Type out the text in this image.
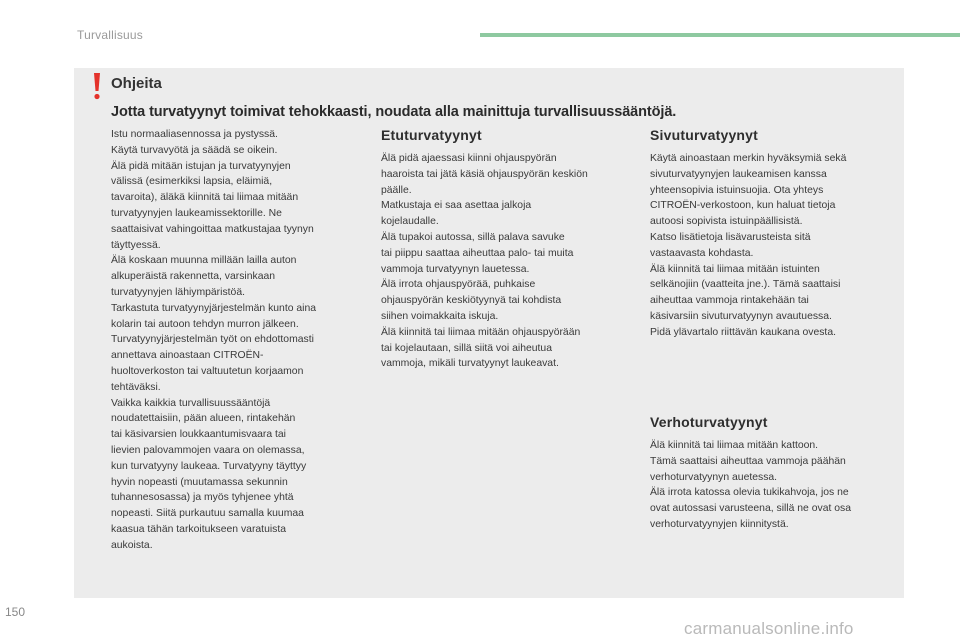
Turvallisuus
Ohjeita
Jotta turvatyynyt toimivat tehokkaasti, noudata alla mainittuja turvallisuussääntöjä.
Istu normaaliasennossa ja pystyssä.
Käytä turvavyötä ja säädä se oikein.
Älä pidä mitään istujan ja turvatyynyjen
välissä (esimerkiksi lapsia, eläimiä,
tavaroita), äläkä kiinnitä tai liimaa mitään
turvatyynyjen laukeamissektorille. Ne
saattaisivat vahingoittaa matkustajaa tyynyn
täyttyessä.
Älä koskaan muunna millään lailla auton
alkuperäistä rakennetta, varsinkaan
turvatyynyjen lähiympäristöä.
Tarkastuta turvatyynyjärjestelmän kunto aina
kolarin tai autoon tehdyn murron jälkeen.
Turvatyynyjärjestelmän työt on ehdottomasti
annettava ainoastaan CITROËN-
huoltoverkoston tai valtuutetun korjaamon
tehtäväksi.
Vaikka kaikkia turvallisuussääntöjä
noudatettaisiin, pään alueen, rintakehän
tai käsivarsien loukkaantumisvaara tai
lievien palovammojen vaara on olemassa,
kun turvatyyny laukeaa. Turvatyyny täyttyy
hyvin nopeasti (muutamassa sekunnin
tuhannesosassa) ja myös tyhjenee yhtä
nopeasti. Siitä purkautuu samalla kuumaa
kaasua tähän tarkoitukseen varatuista
aukoista.
Etuturvatyynyt
Älä pidä ajaessasi kiinni ohjauspyörän
haaroista tai jätä käsiä ohjauspyörän keskiön
päälle.
Matkustaja ei saa asettaa jalkoja
kojelaudalle.
Älä tupakoi autossa, sillä palava savuke
tai piippu saattaa aiheuttaa palo- tai muita
vammoja turvatyynyn lauetessa.
Älä irrota ohjauspyörää, puhkaise
ohjauspyörän keskiötyynyä tai kohdista
siihen voimakkaita iskuja.
Älä kiinnitä tai liimaa mitään ohjauspyörään
tai kojelautaan, sillä siitä voi aiheutua
vammoja, mikäli turvatyynyt laukeavat.
Sivuturvatyynyt
Käytä ainoastaan merkin hyväksymiä sekä
sivuturvatyynyjen laukeamisen kanssa
yhteensopivia istuinsuojia. Ota yhteys
CITROËN-verkostoon, kun haluat tietoja
autoosi sopivista istuinpäällisistä.
Katso lisätietoja lisävarusteista sitä
vastaavasta kohdasta.
Älä kiinnitä tai liimaa mitään istuinten
selkänojiin (vaatteita jne.). Tämä saattaisi
aiheuttaa vammoja rintakehään tai
käsivarsiin sivuturvatyynyn avautuessa.
Pidä ylävartalo riittävän kaukana ovesta.
Verhoturvatyynyt
Älä kiinnitä tai liimaa mitään kattoon.
Tämä saattaisi aiheuttaa vammoja päähän
verhoturvatyynyn auetessa.
Älä irrota katossa olevia tukikahvoja, jos ne
ovat autossasi varusteena, sillä ne ovat osa
verhoturvatyynyjen kiinnitystä.
150
carmanualsonline.info
